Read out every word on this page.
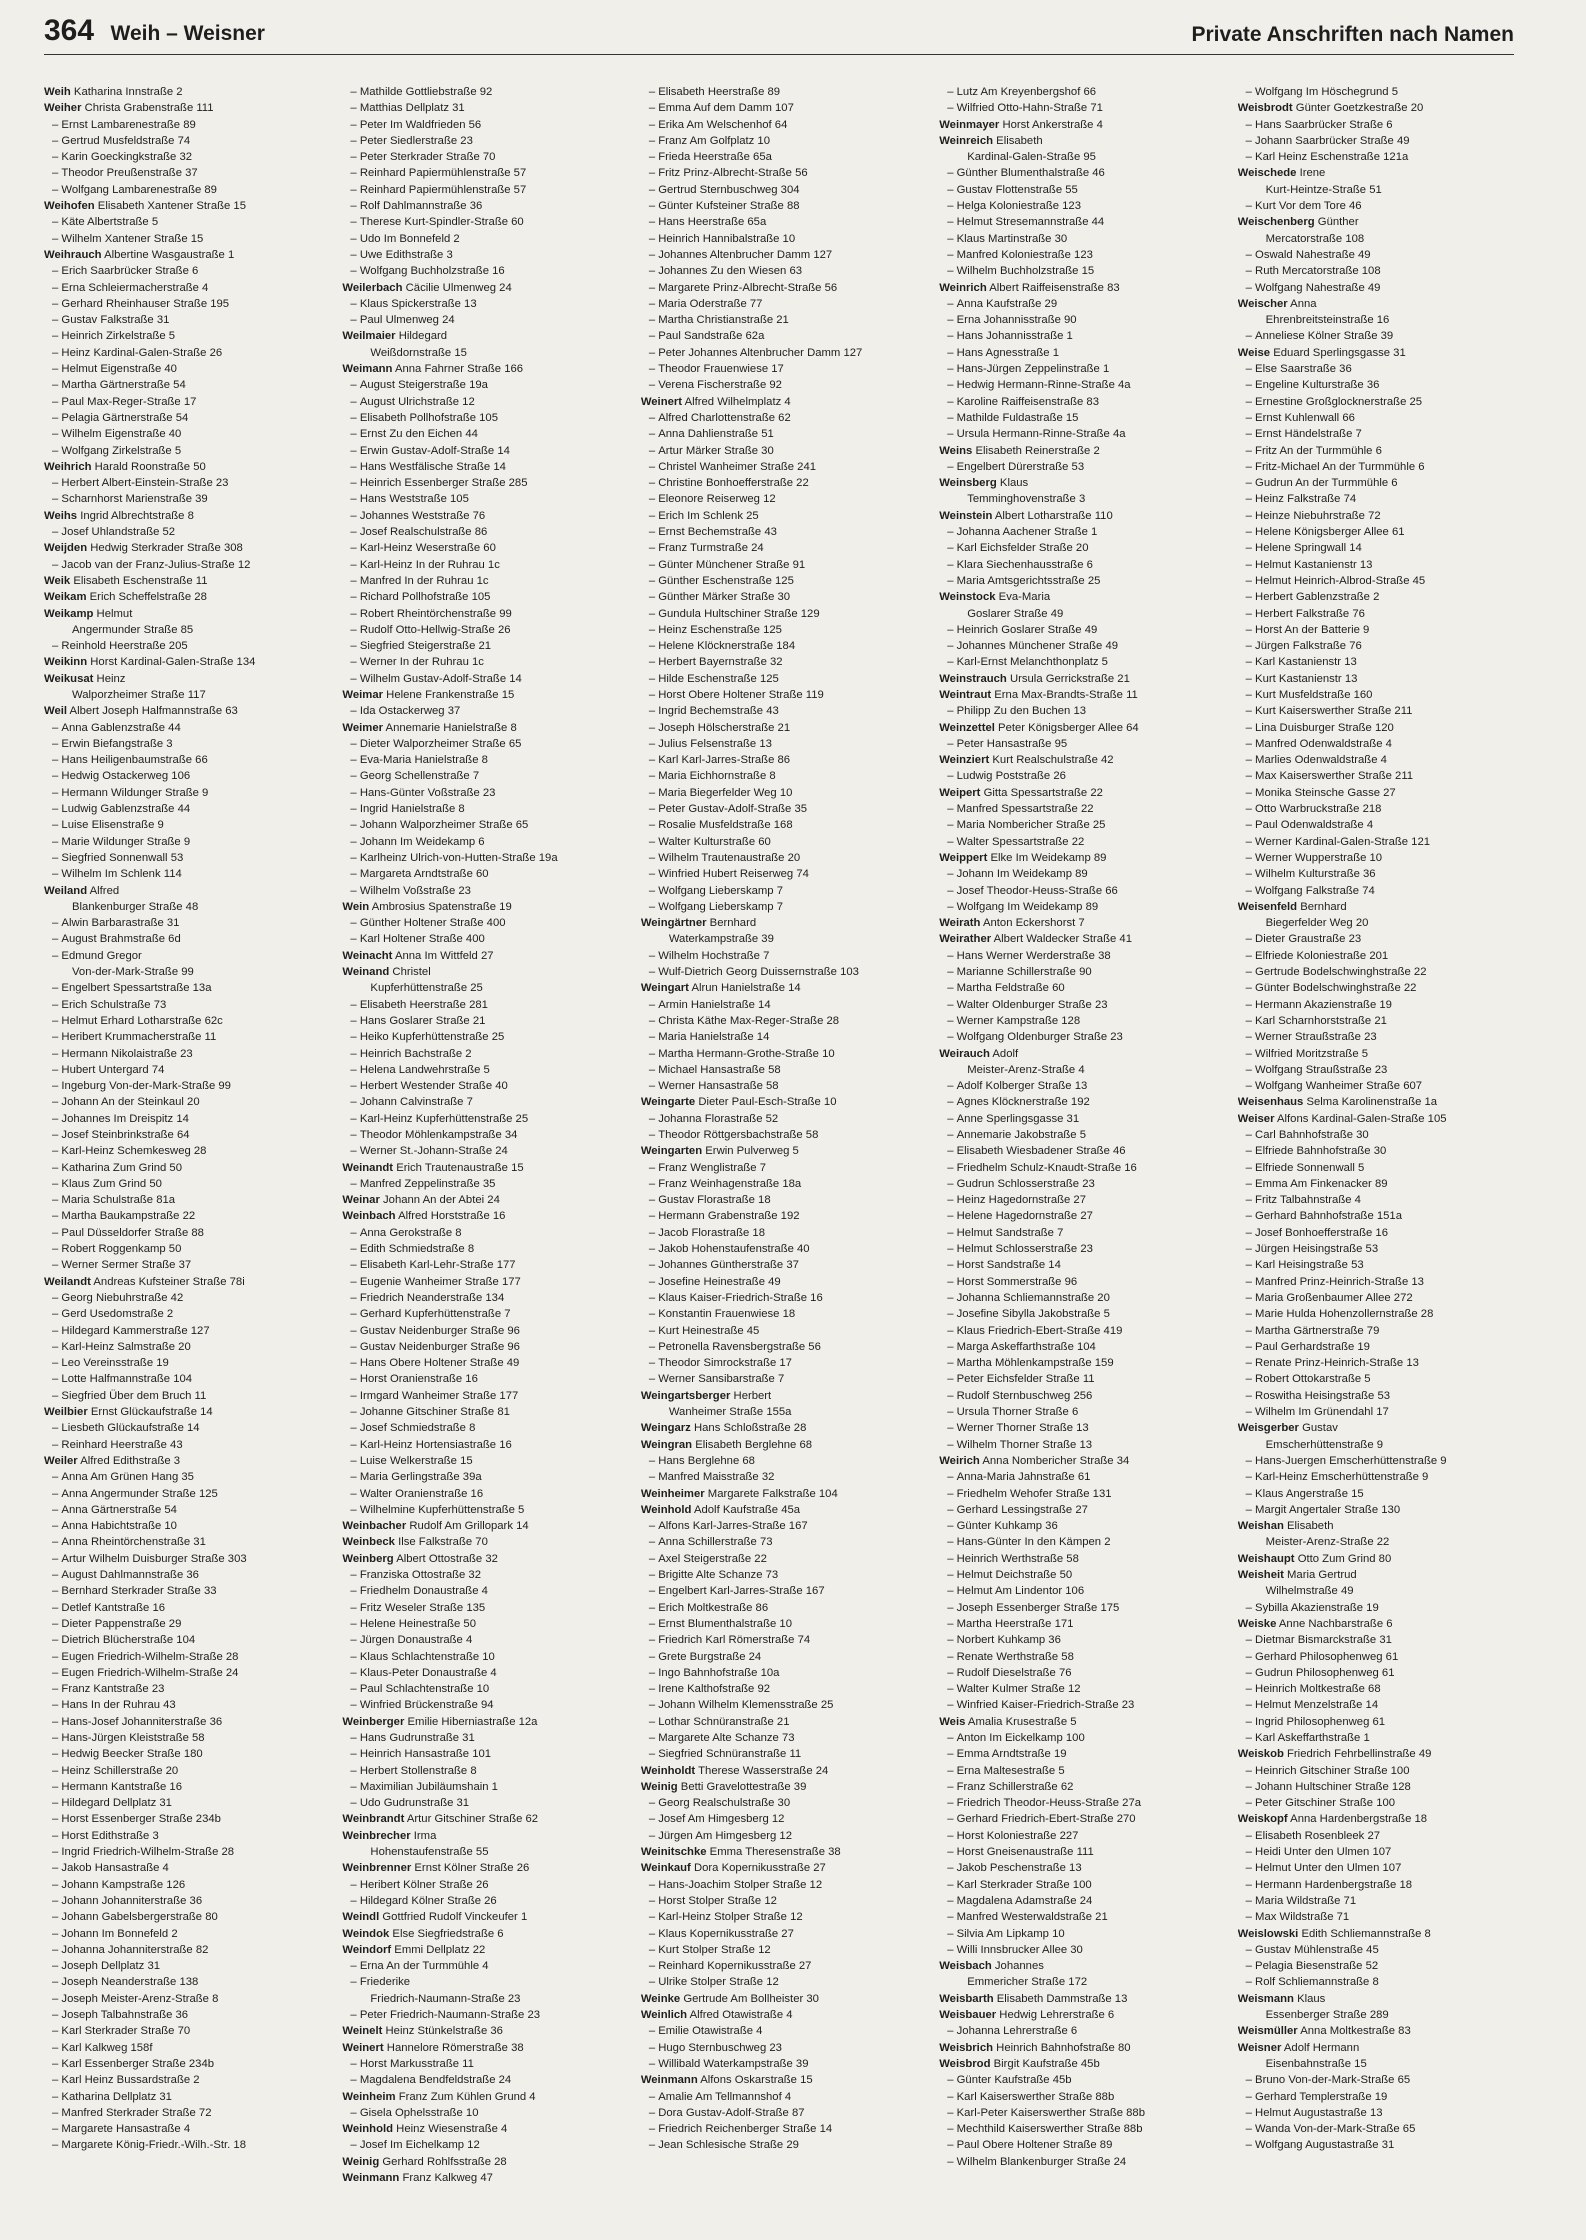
364 Weih – Weisner	Private Anschriften nach Namen
Weih Katharina Innstraße 2
Weiher Christa Grabenstraße 111
– Ernst Lambarenestraße 89
– Gertrud Musfeldstraße 74
– Karin Goeckingkstraße 32
– Theodor Preußenstraße 37
– Wolfgang Lambarenestraße 89
Weihofen Elisabeth Xantener Straße 15
– Käte Albertstraße 5
– Wilhelm Xantener Straße 15
Weihrauch Albertine Wasgaustraße 1
– Erich Saarbrücker Straße 6
– Erna Schleiermacherstraße 4
– Gerhard Rheinhauser Straße 195
– Gustav Falkstraße 31
– Heinrich Zirkelstraße 5
– Heinz Kardinal-Galen-Straße 26
– Helmut Eigenstraße 40
– Martha Gärtnerstraße 54
– Paul Max-Reger-Straße 17
– Pelagia Gärtnerstraße 54
– Wilhelm Eigenstraße 40
– Wolfgang Zirkelstraße 5
Weihrich Harald Roonstraße 50
– Herbert Albert-Einstein-Straße 23
– Scharnhorst Marienstraße 39
Weihs Ingrid Albrechtstraße 8
– Josef Uhlandstraße 52
Weijden Hedwig Sterkrader Straße 308
– Jacob van der Franz-Julius-Straße 12
Weik Elisabeth Eschenstraße 11
Weikam Erich Scheffelstraße 28
Weikamp Helmut
Angermunder Straße 85
– Reinhold Heerstraße 205
Weikinn Horst Kardinal-Galen-Straße 134
Weikusat Heinz
Walporzheimer Straße 117
Weil Albert Joseph Halfmannstraße 63
– Anna Gablenzstraße 44
– Erwin Biefangstraße 3
– Hans Heiligenbaumstraße 66
– Hedwig Ostackerweg 106
– Hermann Wildunger Straße 9
– Ludwig Gablenzstraße 44
– Luise Elisenstraße 9
– Marie Wildunger Straße 9
– Siegfried Sonnenwall 53
– Wilhelm Im Schlenk 114
Weiland Alfred
Blankenburger Straße 48
– Alwin Barbarastraße 31
– August Brahmstraße 6d
– Edmund Gregor
Von-der-Mark-Straße 99
– Engelbert Spessartstraße 13a
– Erich Schulstraße 73
– Helmut Erhard Lotharstraße 62c
– Heribert Krummacherstraße 11
– Hermann Nikolaistraße 23
– Hubert Untergard 74
– Ingeburg Von-der-Mark-Straße 99
– Johann An der Steinkaul 20
– Johannes Im Dreispitz 14
– Josef Steinbrinkstraße 64
– Karl-Heinz Schemkesweg 28
– Katharina Zum Grind 50
– Klaus Zum Grind 50
– Maria Schulstraße 81a
– Martha Baukampstraße 22
– Paul Düsseldorfer Straße 88
– Robert Roggenkamp 50
– Werner Sermer Straße 37
Weilandt Andreas Kufsteiner Straße 78i
– Georg Niebuhrstraße 42
– Gerd Usedomstraße 2
– Hildegard Kammerstraße 127
– Karl-Heinz Salmstraße 20
– Leo Vereinsstraße 19
– Lotte Halfmannstraße 104
– Siegfried Über dem Bruch 11
Weilbier Ernst Glückaufstraße 14
– Liesbeth Glückaufstraße 14
– Reinhard Heerstraße 43
Weiler Alfred Edithstraße 3
– Anna Am Grünen Hang 35
– Anna Angermunder Straße 125
– Anna Gärtnerstraße 54
– Anna Habichtstraße 10
– Anna Rheintörchenstraße 31
– Artur Wilhelm Duisburger Straße 303
– August Dahlmannstraße 36
– Bernhard Sterkrader Straße 33
– Detlef Kantstraße 16
– Dieter Pappenstraße 29
– Dietrich Blücherstraße 104
– Eugen Friedrich-Wilhelm-Straße 28
– Eugen Friedrich-Wilhelm-Straße 24
– Franz Kantstraße 23
– Hans In der Ruhrau 43
– Hans-Josef Johanniterstraße 36
– Hans-Jürgen Kleiststraße 58
– Hedwig Beecker Straße 180
– Heinz Schillerstraße 20
– Hermann Kantstraße 16
– Hildegard Dellplatz 31
– Horst Essenberger Straße 234b
– Horst Edithstraße 3
– Ingrid Friedrich-Wilhelm-Straße 28
– Jakob Hansastraße 4
– Johann Kampstraße 126
– Johann Johanniterstraße 36
– Johann Gabelsbergerstraße 80
– Johann Im Bonnefeld 2
– Johanna Johanniterstraße 82
– Joseph Dellplatz 31
– Joseph Neanderstraße 138
– Joseph Meister-Arenz-Straße 8
– Joseph Talbahnstraße 36
– Karl Sterkrader Straße 70
– Karl Kalkweg 158f
– Karl Essenberger Straße 234b
– Karl Heinz Bussardstraße 2
– Katharina Dellplatz 31
– Manfred Sterkrader Straße 72
– Margarete Hansastraße 4
– Margarete König-Friedr.-Wilh.-Str. 18
– Mathilde Gottliebstraße 92
– Matthias Dellplatz 31
– Peter Im Waldfrieden 56
– Peter Siedlerstraße 23
– Peter Sterkrader Straße 70
– Reinhard Papiermühlenstraße 57
– Reinhard Papiermühlenstraße 57
– Rolf Dahlmannstraße 36
– Therese Kurt-Spindler-Straße 60
– Udo Im Bonnefeld 2
– Uwe Edithstraße 3
– Wolfgang Buchholzstraße 16
Weilerbach Cäcilie Ulmenweg 24
– Klaus Spickerstraße 13
– Paul Ulmenweg 24
Weilmaier Hildegard
Weißdornstraße 15
Weimann Anna Fahrner Straße 166
– August Steigerstraße 19a
– August Ulrichstraße 12
– Elisabeth Pollhofstraße 105
– Ernst Zu den Eichen 44
– Erwin Gustav-Adolf-Straße 14
– Hans Westfälische Straße 14
– Heinrich Essenberger Straße 285
– Hans Weststraße 105
– Johannes Weststraße 76
– Josef Realschulstraße 86
– Karl-Heinz Weserstraße 60
– Karl-Heinz In der Ruhrau 1c
– Manfred In der Ruhrau 1c
– Richard Pollhofstraße 105
– Robert Rheintörchenstraße 99
– Rudolf Otto-Hellwig-Straße 26
– Siegfried Steigerstraße 21
– Werner In der Ruhrau 1c
– Wilhelm Gustav-Adolf-Straße 14
Weimar Helene Frankenstraße 15
– Ida Ostackerweg 37
Weimer Annemarie Hanielstraße 8
– Dieter Walporzheimer Straße 65
– Eva-Maria Hanielstraße 8
– Georg Schellenstraße 7
– Hans-Günter Voßstraße 23
– Ingrid Hanielstraße 8
– Johann Walporzheimer Straße 65
– Johann Im Weidekamp 6
– Karlheinz Ulrich-von-Hutten-Straße 19a
– Margareta Arndtstraße 60
– Wilhelm Voßstraße 23
Wein Ambrosius Spatenstraße 19
– Günther Holtener Straße 400
– Karl Holtener Straße 400
Weinacht Anna Im Wittfeld 27
Weinand Christel
Kupferhüttenstraße 25
– Elisabeth Heerstraße 281
– Hans Goslarer Straße 21
– Heiko Kupferhüttenstraße 25
– Heinrich Bachstraße 2
– Helena Landwehrstraße 5
– Herbert Westender Straße 40
– Johann Calvinstraße 7
– Karl-Heinz Kupferhüttenstraße 25
– Theodor Möhlenkampstraße 34
– Werner St.-Johann-Straße 24
Weinandt Erich Trautenaustraße 15
– Manfred Zeppelinstraße 35
Weinar Johann An der Abtei 24
Weinbach Alfred Horststraße 16
– Anna Gerokstraße 8
– Edith Schmiedstraße 8
– Elisabeth Karl-Lehr-Straße 177
– Eugenie Wanheimer Straße 177
– Friedrich Neanderstraße 134
– Gerhard Kupferhüttenstraße 7
– Gustav Neidenburger Straße 96
– Gustav Neidenburger Straße 96
– Hans Obere Holtener Straße 49
– Horst Oranienstraße 16
– Irmgard Wanheimer Straße 177
– Johanne Gitschiner Straße 81
– Josef Schmiedstraße 8
– Karl-Heinz Hortensiastraße 16
– Luise Welkerstraße 15
– Maria Gerlingstraße 39a
– Walter Oranienstraße 16
– Wilhelmine Kupferhüttenstraße 5
Weinbacher Rudolf Am Grillopark 14
Weinbeck Ilse Falkstraße 70
Weinberg Albert Ottostraße 32
– Franziska Ottostraße 32
– Friedhelm Donaustraße 4
– Fritz Weseler Straße 135
– Helene Heinestraße 50
– Jürgen Donaustraße 4
– Klaus Schlachtenstraße 10
– Klaus-Peter Donaustraße 4
– Paul Schlachtenstraße 10
– Winfried Brückenstraße 94
Weinberger Emilie Hiberniastraße 12a
– Hans Gudrunstraße 31
– Heinrich Hansastraße 101
– Herbert Stollenstraße 8
– Maximilian Jubiläumshain 1
– Udo Gudrunstraße 31
Weinbrandt Artur Gitschiner Straße 62
Weinbrecher Irma
Hohenstaufenstraße 55
Weinbrenner Ernst Kölner Straße 26
– Heribert Kölner Straße 26
– Hildegard Kölner Straße 26
Weindl Gottfried Rudolf Vinckeufer 1
Weindok Else Siegfriedstraße 6
Weindorf Emmi Dellplatz 22
– Erna An der Turmmühle 4
– Friederike
Friedrich-Naumann-Straße 23
– Peter Friedrich-Naumann-Straße 23
Weinelt Heinz Stünkelstraße 36
Weinert Hannelore Römerstraße 38
– Horst Markusstraße 11
– Magdalena Bendfeldstraße 24
Weinheim Franz Zum Kühlen Grund 4
– Gisela Ophelsstraße 10
Weinhold Heinz Wiesenstraße 4
– Josef Im Eichelkamp 12
Weinig Gerhard Rohlfsstraße 28
Weinmann Franz Kalkweg 47
– Elisabeth Heerstraße 89
– Emma Auf dem Damm 107
– Erika Am Welschenhof 64
– Franz Am Golfplatz 10
– Frieda Heerstraße 65a
– Fritz Prinz-Albrecht-Straße 56
– Gertrud Sternbuschweg 304
– Günter Kufsteiner Straße 88
– Hans Heerstraße 65a
– Heinrich Hannibalstraße 10
– Johannes Altenbrucher Damm 127
– Johannes Zu den Wiesen 63
– Margarete Prinz-Albrecht-Straße 56
– Maria Oderstraße 77
– Martha Christianstraße 21
– Paul Sandstraße 62a
– Peter Johannes Altenbrucher Damm 127
– Theodor Frauenwiese 17
– Verena Fischerstraße 92
Weinert Alfred Wilhelmplatz 4
– Alfred Charlottenstraße 62
– Anna Dahlienstraße 51
– Artur Märker Straße 30
– Christel Wanheimer Straße 241
– Christine Bonhoefferstraße 22
– Eleonore Reiserweg 12
– Erich Im Schlenk 25
– Ernst Bechemstraße 43
– Franz Turmstraße 24
– Günter Münchener Straße 91
– Günther Eschenstraße 125
– Günther Märker Straße 30
– Gundula Hultschiner Straße 129
– Heinz Eschenstraße 125
– Helene Klöcknerstraße 184
– Herbert Bayernstraße 32
– Hilde Eschenstraße 125
– Horst Obere Holtener Straße 119
– Ingrid Bechemstraße 43
– Joseph Hölscherstraße 21
– Julius Felsenstraße 13
– Karl Karl-Jarres-Straße 86
– Maria Eichhornstraße 8
– Maria Biegerfelder Weg 10
– Peter Gustav-Adolf-Straße 35
– Rosalie Musfeldstraße 168
– Walter Kulturstraße 60
– Wilhelm Trautenaustraße 20
– Winfried Hubert Reiserweg 74
– Wolfgang Lieberskamp 7
– Wolfgang Lieberskamp 7
Weingärtner Bernhard
Waterkampstraße 39
– Wilhelm Hochstraße 7
– Wulf-Dietrich Georg Duissernstraße 103
Weingart Alrun Hanielstraße 14
– Armin Hanielstraße 14
– Christa Käthe Max-Reger-Straße 28
– Maria Hanielstraße 14
– Martha Hermann-Grothe-Straße 10
– Michael Hansastraße 58
– Werner Hansastraße 58
Weingarte Dieter Paul-Esch-Straße 10
– Johanna Florastraße 52
– Theodor Röttgersbachstraße 58
Weingarten Erwin Pulverweg 5
– Franz Wenglistraße 7
– Franz Weinhagenstraße 18a
– Gustav Florastraße 18
– Hermann Grabenstraße 192
– Jacob Florastraße 18
– Jakob Hohenstaufenstraße 40
– Johannes Güntherstraße 37
– Josefine Heinestraße 49
– Klaus Kaiser-Friedrich-Straße 16
– Konstantin Frauenwiese 18
– Kurt Heinestraße 45
– Petronella Ravensbergstraße 56
– Theodor Simrockstraße 17
– Werner Sansibarstraße 7
Weingartsberger Herbert
Wanheimer Straße 155a
Weingarz Hans Schloßstraße 28
Weingran Elisabeth Berglehne 68
– Hans Berglehne 68
– Manfred Maisstraße 32
Weinheimer Margarete Falkstraße 104
Weinhold Adolf Kaufstraße 45a
– Alfons Karl-Jarres-Straße 167
– Anna Schillerstraße 73
– Axel Steigerstraße 22
– Brigitte Alte Schanze 73
– Engelbert Karl-Jarres-Straße 167
– Erich Moltkestraße 86
– Ernst Blumenthalstraße 10
– Friedrich Karl Römerstraße 74
– Grete Burgstraße 24
– Ingo Bahnhofstraße 10a
– Irene Kalthofstraße 92
– Johann Wilhelm Klemensstraße 25
– Lothar Schnüranstraße 21
– Margarete Alte Schanze 73
– Siegfried Schnüranstraße 11
Weinholdt Therese Wasserstraße 24
Weinig Betti Gravelottestraße 39
– Georg Realschulstraße 30
– Josef Am Himgesberg 12
– Jürgen Am Himgesberg 12
Weinitschke Emma Theresenstraße 38
Weinkauf Dora Kopernikusstraße 27
– Hans-Joachim Stolper Straße 12
– Horst Stolper Straße 12
– Karl-Heinz Stolper Straße 12
– Klaus Kopernikusstraße 27
– Kurt Stolper Straße 12
– Reinhard Kopernikusstraße 27
– Ulrike Stolper Straße 12
Weinke Gertrude Am Bollheister 30
Weinlich Alfred Otawistraße 4
– Emilie Otawistraße 4
– Hugo Sternbuschweg 23
– Willibald Waterkampstraße 39
Weinmann Alfons Oskarstraße 15
– Amalie Am Tellmannshof 4
– Dora Gustav-Adolf-Straße 87
– Friedrich Reichenberger Straße 14
– Jean Schlesische Straße 29
– Lutz Am Kreyenbergshof 66
– Wilfried Otto-Hahn-Straße 71
Weinmayer Horst Ankerstraße 4
Weinreich Elisabeth
Kardinal-Galen-Straße 95
– Günther Blumenthalstraße 46
– Gustav Flottenstraße 55
– Helga Koloniestraße 123
– Helmut Stresemannstraße 44
– Klaus Martinstraße 30
– Manfred Koloniestraße 123
– Wilhelm Buchholzstraße 15
Weinrich Albert Raiffeisenstraße 83
– Anna Kaufstraße 29
– Erna Johannisstraße 90
– Hans Johannisstraße 1
– Hans Agnesstraße 1
– Hans-Jürgen Zeppelinstraße 1
– Hedwig Hermann-Rinne-Straße 4a
– Karoline Raiffeisenstraße 83
– Mathilde Fuldastraße 15
– Ursula Hermann-Rinne-Straße 4a
Weins Elisabeth Reinerstraße 2
– Engelbert Dürerstraße 53
Weinsberg Klaus
Temminghovenstraße 3
Weinstein Albert Lotharstraße 110
– Johanna Aachener Straße 1
– Karl Eichsfelder Straße 20
– Klara Siechenhausstraße 6
– Maria Amtsgerichtsstraße 25
Weinstock Eva-Maria
Goslarer Straße 49
– Heinrich Goslarer Straße 49
– Johannes Münchener Straße 49
– Karl-Ernst Melanchthonplatz 5
Weinstrauch Ursula Gerrickstraße 21
Weintraut Erna Max-Brandts-Straße 11
– Philipp Zu den Buchen 13
Weinzettel Peter Königsberger Allee 64
– Peter Hansastraße 95
Weinziert Kurt Realschulstraße 42
– Ludwig Poststraße 26
Weipert Gitta Spessartstraße 22
– Manfred Spessartstraße 22
– Maria Nombericher Straße 25
– Walter Spessartstraße 22
Weippert Elke Im Weidekamp 89
– Johann Im Weidekamp 89
– Josef Theodor-Heuss-Straße 66
– Wolfgang Im Weidekamp 89
Weirath Anton Eckershorst 7
Weirather Albert Waldecker Straße 41
– Hans Werner Werderstraße 38
– Marianne Schillerstraße 90
– Martha Feldstraße 60
– Walter Oldenburger Straße 23
– Werner Kampstraße 128
– Wolfgang Oldenburger Straße 23
Weirauch Adolf
Meister-Arenz-Straße 4
– Adolf Kolberger Straße 13
– Agnes Klöcknerstraße 192
– Anne Sperlingsgasse 31
– Annemarie Jakobstraße 5
– Elisabeth Wiesbadener Straße 46
– Friedhelm Schulz-Knaudt-Straße 16
– Gudrun Schlosserstraße 23
– Heinz Hagedornstraße 27
– Helene Hagedornstraße 27
– Helmut Sandstraße 7
– Helmut Schlosserstraße 23
– Horst Sandstraße 14
– Horst Sommerstraße 96
– Johanna Schliemannstraße 20
– Josefine Sibylla Jakobstraße 5
– Klaus Friedrich-Ebert-Straße 419
– Marga Askeffarthstraße 104
– Martha Möhlenkampstraße 159
– Peter Eichsfelder Straße 11
– Rudolf Sternbuschweg 256
– Ursula Thorner Straße 6
– Werner Thorner Straße 13
– Wilhelm Thorner Straße 13
Weirich Anna Nombericher Straße 34
– Anna-Maria Jahnstraße 61
– Friedhelm Wehofer Straße 131
– Gerhard Lessingstraße 27
– Günter Kuhkamp 36
– Hans-Günter In den Kämpen 2
– Heinrich Werthstraße 58
– Helmut Deichstraße 50
– Helmut Am Lindentor 106
– Joseph Essenberger Straße 175
– Martha Heerstraße 171
– Norbert Kuhkamp 36
– Renate Werthstraße 58
– Rudolf Dieselstraße 76
– Walter Kulmer Straße 12
– Winfried Kaiser-Friedrich-Straße 23
Weis Amalia Krusestraße 5
– Anton Im Eickelkamp 100
– Emma Arndtstraße 19
– Erna Maltesestraße 5
– Franz Schillerstraße 62
– Friedrich Theodor-Heuss-Straße 27a
– Gerhard Friedrich-Ebert-Straße 270
– Horst Koloniestraße 227
– Horst Gneisenaustraße 111
– Jakob Peschenstraße 13
– Karl Sterkrader Straße 100
– Magdalena Adamstraße 24
– Manfred Westerwaldstraße 21
– Silvia Am Lipkamp 10
– Willi Innsbrucker Allee 30
Weisbach Johannes
Emmericher Straße 172
Weisbarth Elisabeth Dammstraße 13
Weisbauer Hedwig Lehrerstraße 6
– Johanna Lehrerstraße 6
Weisbrich Heinrich Bahnhofstraße 80
Weisbrod Birgit Kaufstraße 45b
– Günter Kaufstraße 45b
– Karl Kaiserswerther Straße 88b
– Karl-Peter Kaiserswerther Straße 88b
– Mechthild Kaiserswerther Straße 88b
– Paul Obere Holtener Straße 89
– Wilhelm Blankenburger Straße 24
– Wolfgang Im Höschegrund 5
Weisbrodt Günter Goetzkestraße 20
– Hans Saarbrücker Straße 6
– Johann Saarbrücker Straße 49
– Karl Heinz Eschenstraße 121a
Weischede Irene
Kurt-Heintze-Straße 51
– Kurt Vor dem Tore 46
Weischenberg Günther
Mercatorstraße 108
– Oswald Nahestraße 49
– Ruth Mercatorstraße 108
– Wolfgang Nahestraße 49
Weischer Anna
Ehrenbreitsteinstraße 16
– Anneliese Kölner Straße 39
Weise Eduard Sperlingsgasse 31
– Else Saarstraße 36
– Engeline Kulturstraße 36
– Ernestine Großglocknerstraße 25
– Ernst Kuhlenwall 66
– Ernst Händelstraße 7
– Fritz An der Turmmühle 6
– Fritz-Michael An der Turmmühle 6
– Gudrun An der Turmmühle 6
– Heinz Falkstraße 74
– Heinze Niebuhrstraße 72
– Helene Königsberger Allee 61
– Helene Springwall 14
– Helmut Kastanienstr 13
– Helmut Heinrich-Albrod-Straße 45
– Herbert Gablenzstraße 2
– Herbert Falkstraße 76
– Horst An der Batterie 9
– Jürgen Falkstraße 76
– Karl Kastanienstr 13
– Kurt Kastanienstr 13
– Kurt Musfeldstraße 160
– Kurt Kaiserswerther Straße 211
– Lina Duisburger Straße 120
– Manfred Odenwaldstraße 4
– Marlies Odenwaldstraße 4
– Max Kaiserswerther Straße 211
– Monika Steinsche Gasse 27
– Otto Warbruckstraße 218
– Paul Odenwaldstraße 4
– Werner Kardinal-Galen-Straße 121
– Werner Wupperstraße 10
– Wilhelm Kulturstraße 36
– Wolfgang Falkstraße 74
Weisenfeld Bernhard
Biegerfelder Weg 20
– Dieter Graustraße 23
– Elfriede Koloniestraße 201
– Gertrude Bodelschwinghstraße 22
– Günter Bodelschwinghstraße 22
– Hermann Akazienstraße 19
– Karl Scharnhorststraße 21
– Werner Straußstraße 23
– Wilfried Moritzstraße 5
– Wolfgang Straußstraße 23
– Wolfgang Wanheimer Straße 607
Weisenhaus Selma Karolinenstraße 1a
Weiser Alfons Kardinal-Galen-Straße 105
– Carl Bahnhofstraße 30
– Elfriede Bahnhofstraße 30
– Elfriede Sonnenwall 5
– Emma Am Finkenacker 89
– Fritz Talbahnstraße 4
– Gerhard Bahnhofstraße 151a
– Josef Bonhoefferstraße 16
– Jürgen Heisingstraße 53
– Karl Heisingstraße 53
– Manfred Prinz-Heinrich-Straße 13
– Maria Großenbaumer Allee 272
– Marie Hulda Hohenzollernstraße 28
– Martha Gärtnerstraße 79
– Paul Gerhardstraße 19
– Renate Prinz-Heinrich-Straße 13
– Robert Ottokarstraße 5
– Roswitha Heisingstraße 53
– Wilhelm Im Grünendahl 17
Weisgerber Gustav
Emscherhüttenstraße 9
– Hans-Juergen Emscherhüttenstraße 9
– Karl-Heinz Emscherhüttenstraße 9
– Klaus Angerstraße 15
– Margit Angertaler Straße 130
Weishan Elisabeth
Meister-Arenz-Straße 22
Weishaupt Otto Zum Grind 80
Weisheit Maria Gertrud
Wilhelmstraße 49
– Sybilla Akazienstraße 19
Weiske Anne Nachbarstraße 6
– Dietmar Bismarckstraße 31
– Gerhard Philosophenweg 61
– Gudrun Philosophenweg 61
– Heinrich Moltkestraße 68
– Helmut Menzelstraße 14
– Ingrid Philosophenweg 61
– Karl Askeffarthstraße 1
Weiskob Friedrich Fehrbellinstraße 49
– Heinrich Gitschiner Straße 100
– Johann Hultschiner Straße 128
– Peter Gitschiner Straße 100
Weiskopf Anna Hardenbergstraße 18
– Elisabeth Rosenbleek 27
– Heidi Unter den Ulmen 107
– Helmut Unter den Ulmen 107
– Hermann Hardenbergstraße 18
– Maria Wildstraße 71
– Max Wildstraße 71
Weislowski Edith Schliemannstraße 8
– Gustav Mühlenstraße 45
– Pelagia Biesenstraße 52
– Rolf Schliemannstraße 8
Weismann Klaus
Essenberger Straße 289
Weismüller Anna Moltkestraße 83
Weisner Adolf Hermann
Eisenbahnstraße 15
– Bruno Von-der-Mark-Straße 65
– Gerhard Templerstraße 19
– Helmut Augustastraße 13
– Wanda Von-der-Mark-Straße 65
– Wolfgang Augustastraße 31
